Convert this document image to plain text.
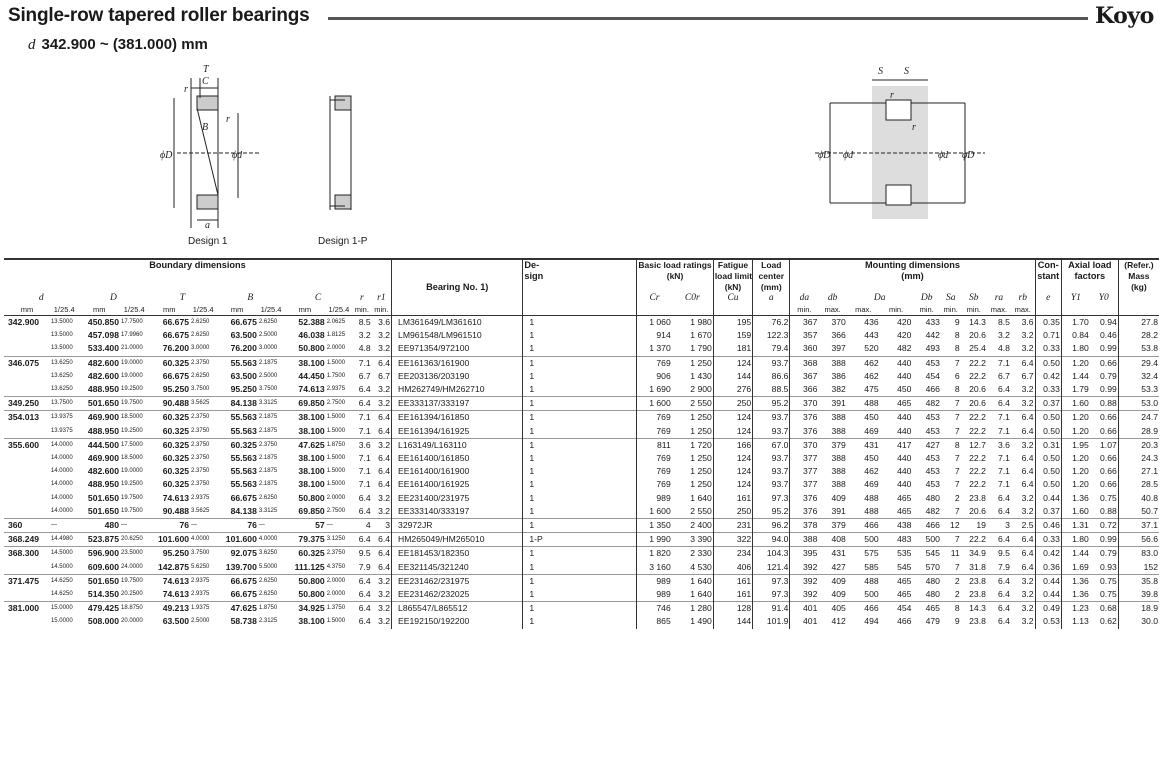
Single-row tapered roller bearings	Koyo
d 342.900 ~ (381.000) mm
T
C
r
r
B
ϕD	ϕd
a
S S
r
r
ϕD ϕd	ϕd ϕD
Design 1	Design 1-P
Boundary dimensions												Bearing No. 1)	De-
sign	Basic load ratings
(kN)		Fatigue
load limit
(kN)	Load
center
(mm)	Mounting dimensions
(mm)									Con-
stant	Axial load
factors		(Refer.)
Mass
(kg)
d		D		T		B		C		r	r1			Cr	C0r	Cu	a	da	db	Da		Db	Sa	Sb	ra	rb	e	Y1	Y0	
mm	1/25.4	mm	1/25.4	mm	1/25.4	mm	1/25.4	mm	1/25.4	min.	min.							min.	max.	max.	min.	min.	min.	min.	max.	max.				
342.900	13.5000	450.850	17.7500	66.675	2.6250	66.675	2.6250	52.388	2.0625	8.5	3.6	LM361649/LM361610	1	1 060	1 980	195	76.2	367	370	436	420	433	9	14.3	8.5	3.6	0.35	1.70	0.94	27.8
	13.5000	457.098	17.9960	66.675	2.6250	63.500	2.5000	46.038	1.8125	3.2	3.2	LM961548/LM961510	1	914	1 670	159	122.3	357	366	443	420	442	8	20.6	3.2	3.2	0.71	0.84	0.46	28.2
	13.5000	533.400	21.0000	76.200	3.0000	76.200	3.0000	50.800	2.0000	4.8	3.2	EE971354/972100	1	1 370	1 790	181	79.4	360	397	520	482	493	8	25.4	4.8	3.2	0.33	1.80	0.99	53.8
346.075	13.6250	482.600	19.0000	60.325	2.3750	55.563	2.1875	38.100	1.5000	7.1	6.4	EE161363/161900	1	769	1 250	124	93.7	368	388	462	440	453	7	22.2	7.1	6.4	0.50	1.20	0.66	29.4
	13.6250	482.600	19.0000	66.675	2.6250	63.500	2.5000	44.450	1.7500	6.7	6.7	EE203136/203190	1	906	1 430	144	86.6	367	386	462	440	454	6	22.2	6.7	6.7	0.42	1.44	0.79	32.4
	13.6250	488.950	19.2500	95.250	3.7500	95.250	3.7500	74.613	2.9375	6.4	3.2	HM262749/HM262710	1	1 690	2 900	276	88.5	366	382	475	450	466	8	20.6	6.4	3.2	0.33	1.79	0.99	53.3
349.250	13.7500	501.650	19.7500	90.488	3.5625	84.138	3.3125	69.850	2.7500	6.4	3.2	EE333137/333197	1	1 600	2 550	250	95.2	370	391	488	465	482	7	20.6	6.4	3.2	0.37	1.60	0.88	53.0
354.013	13.9375	469.900	18.5000	60.325	2.3750	55.563	2.1875	38.100	1.5000	7.1	6.4	EE161394/161850	1	769	1 250	124	93.7	376	388	450	440	453	7	22.2	7.1	6.4	0.50	1.20	0.66	24.7
	13.9375	488.950	19.2500	60.325	2.3750	55.563	2.1875	38.100	1.5000	7.1	6.4	EE161394/161925	1	769	1 250	124	93.7	376	388	469	440	453	7	22.2	7.1	6.4	0.50	1.20	0.66	28.9
355.600	14.0000	444.500	17.5000	60.325	2.3750	60.325	2.3750	47.625	1.8750	3.6	3.2	L163149/L163110	1	811	1 720	166	67.0	370	379	431	417	427	8	12.7	3.6	3.2	0.31	1.95	1.07	20.3
	14.0000	469.900	18.5000	60.325	2.3750	55.563	2.1875	38.100	1.5000	7.1	6.4	EE161400/161850	1	769	1 250	124	93.7	377	388	450	440	453	7	22.2	7.1	6.4	0.50	1.20	0.66	24.3
	14.0000	482.600	19.0000	60.325	2.3750	55.563	2.1875	38.100	1.5000	7.1	6.4	EE161400/161900	1	769	1 250	124	93.7	377	388	462	440	453	7	22.2	7.1	6.4	0.50	1.20	0.66	27.1
	14.0000	488.950	19.2500	60.325	2.3750	55.563	2.1875	38.100	1.5000	7.1	6.4	EE161400/161925	1	769	1 250	124	93.7	377	388	469	440	453	7	22.2	7.1	6.4	0.50	1.20	0.66	28.5
	14.0000	501.650	19.7500	74.613	2.9375	66.675	2.6250	50.800	2.0000	6.4	3.2	EE231400/231975	1	989	1 640	161	97.3	376	409	488	465	480	2	23.8	6.4	3.2	0.44	1.36	0.75	40.8
	14.0000	501.650	19.7500	90.488	3.5625	84.138	3.3125	69.850	2.7500	6.4	3.2	EE333140/333197	1	1 600	2 550	250	95.2	376	391	488	465	482	7	20.6	6.4	3.2	0.37	1.60	0.88	50.7
360	—	480	—	76	—	76	—	57	—	4	3	32972JR	1	1 350	2 400	231	96.2	378	379	466	438	466	12	19	3	2.5	0.46	1.31	0.72	37.1
368.249	14.4980	523.875	20.6250	101.600	4.0000	101.600	4.0000	79.375	3.1250	6.4	6.4	HM265049/HM265010	1-P	1 990	3 390	322	94.0	388	408	500	483	500	7	22.2	6.4	6.4	0.33	1.80	0.99	56.6
368.300	14.5000	596.900	23.5000	95.250	3.7500	92.075	3.6250	60.325	2.3750	9.5	6.4	EE181453/182350	1	1 820	2 330	234	104.3	395	431	575	535	545	11	34.9	9.5	6.4	0.42	1.44	0.79	83.0
	14.5000	609.600	24.0000	142.875	5.6250	139.700	5.5000	111.125	4.3750	7.9	6.4	EE321145/321240	1	3 160	4 530	406	121.4	392	427	585	545	570	7	31.8	7.9	6.4	0.36	1.69	0.93	152
371.475	14.6250	501.650	19.7500	74.613	2.9375	66.675	2.6250	50.800	2.0000	6.4	3.2	EE231462/231975	1	989	1 640	161	97.3	392	409	488	465	480	2	23.8	6.4	3.2	0.44	1.36	0.75	35.8
	14.6250	514.350	20.2500	74.613	2.9375	66.675	2.6250	50.800	2.0000	6.4	3.2	EE231462/232025	1	989	1 640	161	97.3	392	409	500	465	480	2	23.8	6.4	3.2	0.44	1.36	0.75	39.8
381.000	15.0000	479.425	18.8750	49.213	1.9375	47.625	1.8750	34.925	1.3750	6.4	3.2	L865547/L865512	1	746	1 280	128	91.4	401	405	466	454	465	8	14.3	6.4	3.2	0.49	1.23	0.68	18.9
	15.0000	508.000	20.0000	63.500	2.5000	58.738	2.3125	38.100	1.5000	6.4	3.2	EE192150/192200	1	865	1 490	144	101.9	401	412	494	466	479	9	23.8	6.4	3.2	0.53	1.13	0.62	30.0
